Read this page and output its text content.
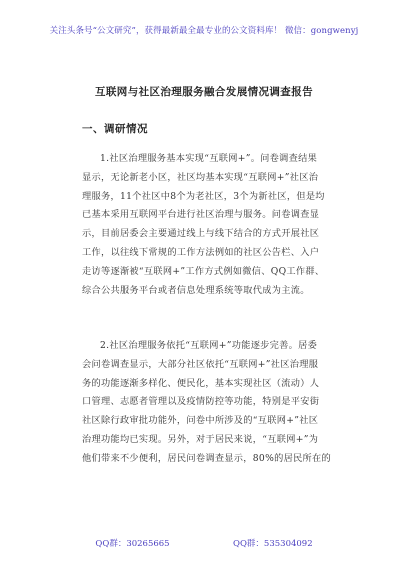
关注头条号“公文研究”，获得最新最全最专业的公文资料库！ 微信：gongwenyj
互联网与社区治理服务融合发展情况调查报告
一、调研情况
1.社区治理服务基本实现“互联网+”。问卷调查结果
显示，无论新老小区，社区均基本实现“互联网+”社区治
理服务，11个社区中8个为老社区，3个为新社区，但是均
已基本采用互联网平台进行社区治理与服务。问卷调查显
示，目前居委会主要通过线上与线下结合的方式开展社区
工作，以往线下常规的工作方法例如的社区公告栏、入户
走访等逐渐被“互联网+”工作方式例如微信、QQ工作群、
综合公共服务平台或者信息处理系统等取代成为主流。
2.社区治理服务依托“互联网+”功能逐步完善。居委
会问卷调查显示，大部分社区依托“互联网+”社区治理服
务的功能逐渐多样化、便民化，基本实现社区（流动）人
口管理、志愿者管理以及疫情防控等功能，特别是平安街
社区除行政审批功能外，问卷中所涉及的“互联网+”社区
治理功能均已实现。另外，对于居民来说，“互联网+”为
他们带来不少便利，居民问卷调查显示，80%的居民所在的
QQ群：30265665	QQ群：535304092
